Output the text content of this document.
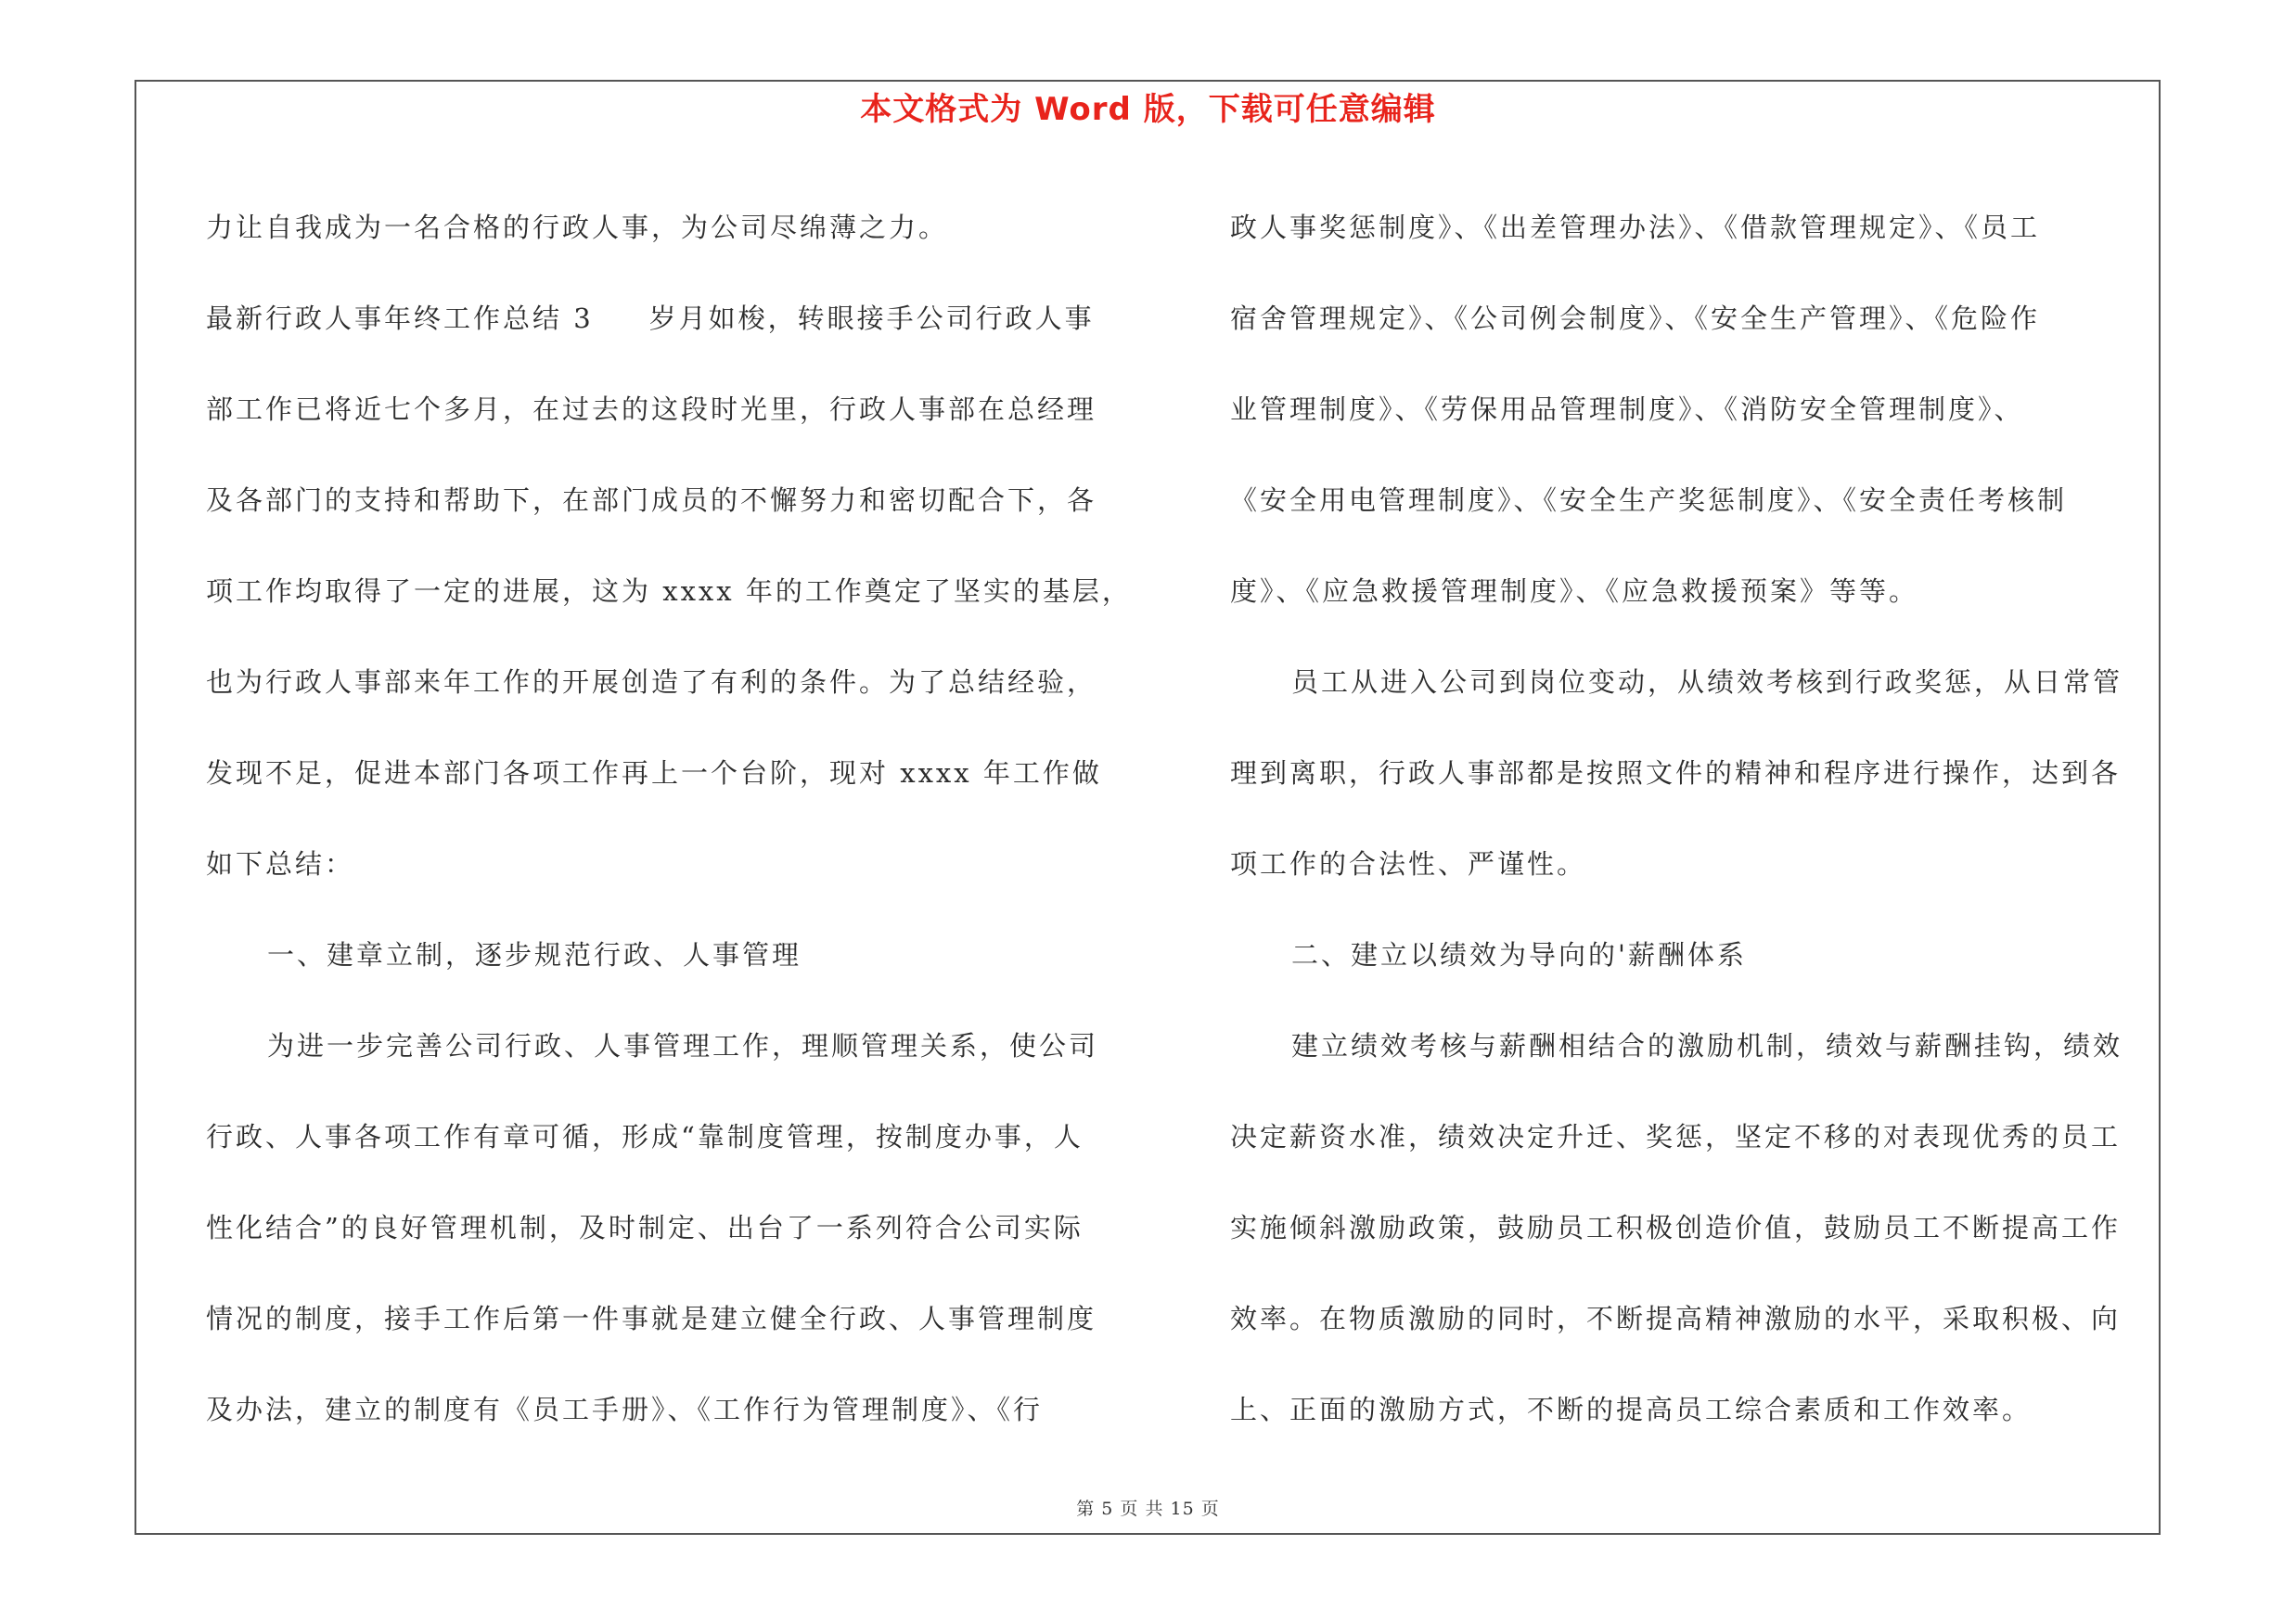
本文格式为 Word 版，下载可任意编辑
力让自我成为一名合格的行政人事，为公司尽绵薄之力。
最新行政人事年终工作总结 3 岁月如梭，转眼接手公司行政人事
部工作已将近七个多月，在过去的这段时光里，行政人事部在总经理
及各部门的支持和帮助下，在部门成员的不懈努力和密切配合下，各
项工作均取得了一定的进展，这为 xxxx 年的工作奠定了坚实的基层，
也为行政人事部来年工作的开展创造了有利的条件。为了总结经验，
发现不足，促进本部门各项工作再上一个台阶，现对 xxxx 年工作做
如下总结：
一、建章立制，逐步规范行政、人事管理
为进一步完善公司行政、人事管理工作，理顺管理关系，使公司
行政、人事各项工作有章可循，形成“靠制度管理，按制度办事，人
性化结合”的良好管理机制，及时制定、出台了一系列符合公司实际
情况的制度，接手工作后第一件事就是建立健全行政、人事管理制度
及办法，建立的制度有《员工手册》、《工作行为管理制度》、《行
政人事奖惩制度》、《出差管理办法》、《借款管理规定》、《员工
宿舍管理规定》、《公司例会制度》、《安全生产管理》、《危险作
业管理制度》、《劳保用品管理制度》、《消防安全管理制度》、
《安全用电管理制度》、《安全生产奖惩制度》、《安全责任考核制
度》、《应急救援管理制度》、《应急救援预案》等等。
员工从进入公司到岗位变动，从绩效考核到行政奖惩，从日常管
理到离职，行政人事部都是按照文件的精神和程序进行操作，达到各
项工作的合法性、严谨性。
二、建立以绩效为导向的'薪酬体系
建立绩效考核与薪酬相结合的激励机制，绩效与薪酬挂钩，绩效
决定薪资水准，绩效决定升迁、奖惩，坚定不移的对表现优秀的员工
实施倾斜激励政策，鼓励员工积极创造价值，鼓励员工不断提高工作
效率。在物质激励的同时，不断提高精神激励的水平，采取积极、向
上、正面的激励方式，不断的提高员工综合素质和工作效率。
第 5 页 共 15 页
